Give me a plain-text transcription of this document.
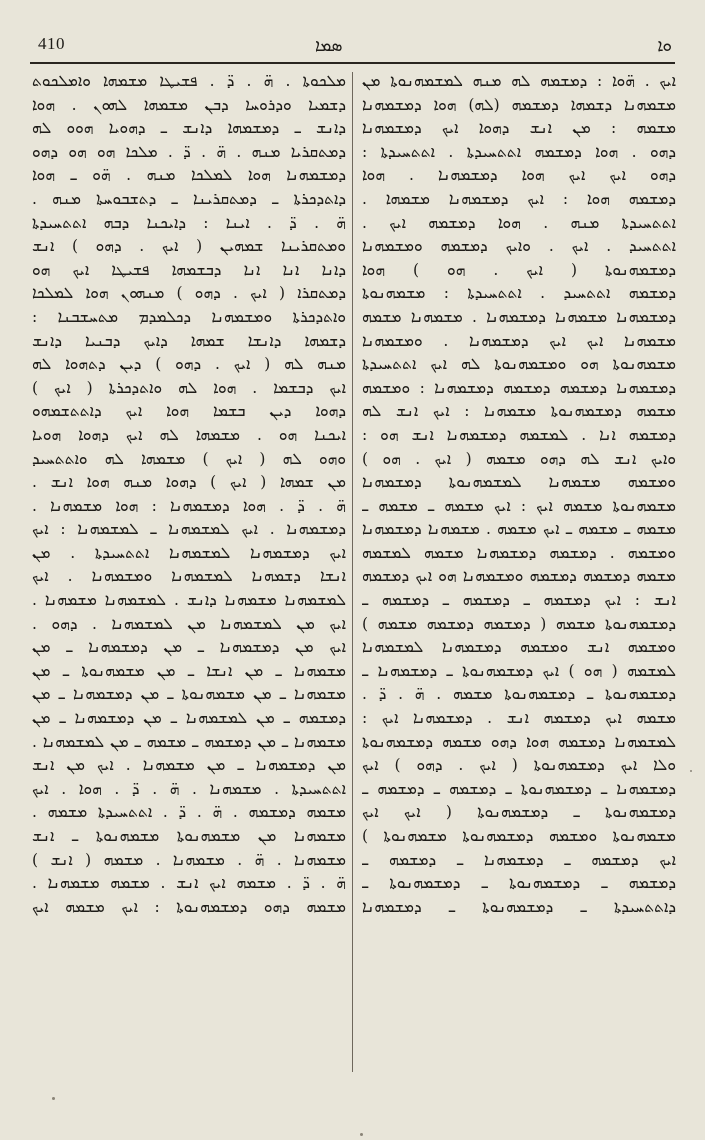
410	ܣܡܐ	ܘܐ
ܡܠܟܘܬܐ . ܗ̈ . ܕ̈ . ܦܫܝܛܐ ܡܫܡܗܐ ܘܐܡܠܟܘܬ
ܕܫܡܝܐ ܘܕܪܘܚܐ ܕܒܢ ܡܫܡܗܐ ܠܗܘܢ . ܗܘܐ
ܕܐܢܫ ـ ܕܡܫܡܗܐ ܕܐܢܫ ـ ܕܗܘܝܐ ܗܘܘ ܠܗ
ܕܡܬܩܪܝܐ ܡܢܗ . ܗ̈ . ܕ̈ . ܡܠܟܐ ܗܘ ܗܘ ܕܗܘ
ܕܡܫܡܗܢܐ ܗܘܐ ܠܡܠܟܐ ܡܢܗ . ܗ̈ܘ ـ ܗܘܐ
ܕܐܬܕܟܪܬܐ ـ ܕܡܬܩܪܝܢܐ ـ ܕܬܫܒܘܚܬܐ ܡܢܗ .
ܗ̈ . ܕ̈ . ܐܝܢܐ : ܕܐܝܟܢܐ ܕܒܗ ܐܬܬܚܝܕܬܐ
ܘܡܬܩܪܝܢܐ ܫܡܗܝܢ ( ܐܝܟ . ܕܗܘ ) ܐܢܫ
ܕܐܢܐ ܐܢܐ ܐܢܐ ܕܒܫܡܗܐ ܦܫܝܛܐ ܐܝܟ ܗܘ
ܕܡܬܩܪܐ ( ܐܝܟ . ܕܗܘ ) ܡܢܗܘܢ ܗܘܐ ܠܡܠܟܐ
ܘܐܬܕܟܪܬܐ ܘܡܫܡܗܢܐ ܕܟܠܡܕܡ ܡܬܚܫܒܢܐ :
ܕܫܡܗܐ ܕܐܢܫܐ ܫܡܗܐ ܕܐܝܟ ܕܒܢܝܐ ܕܐܢܫ
ܡܢܗ ܠܗ ( ܐܝܟ . ܕܗܘ ) ܕܝܢ ܕܬܗܘܐ ܠܗ
ܐܝܟ ܕܒܫܡܐ . ܗܘܐ ܠܗ ܘܐܬܕܟܪܬܐ ( ܐܝܟ )
ܕܗܘܐ ܕܝܢ ܒܫܡܐ ܗܘܐ ܐܝܟ ܕܐܬܬܫܡܗܘ
ܐܝܟܢܐ ܗܘ . ܡܫܡܗܐ ܠܗ ܐܝܟ ܕܗܘܐ ܗܘܝܐ
ܘܗܘ ܠܗ ( ܐܝܟ ) ܡܫܡܗܐ ܠܗ ܘܐܬܬܚܝܕ
ܡܢ ܫܡܗܐ ( ܐܝܟ ) ܕܗܘܐ ܡܢܗ ܗܘܐ ܐܢܫ .
ܗ̈ . ܕ̈ . ܗܘܐ ܕܡܫܡܗܢܐ : ܗܘܐ ܡܫܡܗܢܐ .
ܕܡܫܡܗܢܐ . ܐܝܟ ܠܡܫܡܗܢܐ ـ ܠܡܫܡܗܢܐ : ܐܝܟ
ܐܝܟ ܕܡܫܡܗܢܐ ܠܡܫܡܗܢܐ ܐܬܬܚܝܕܬܐ . ܡܢ
ܐܢܫܐ ܕܫܡܗܢܐ ܠܡܫܡܗܢܐ ܘܡܫܡܗܢܐ . ܐܝܟ
ܠܡܫܡܗܢܐ ܡܫܡܗܢܐ ܕܐܢܫ . ܠܡܫܡܗܢܐ ܡܫܡܗܢܐ .
ܐܝܟ ܡܢ ܠܡܫܡܗܢܐ ܡܢ ܠܡܫܡܗܢܐ . ܕܗܘ .
ܐܝܟ ܡܢ ܕܡܫܡܗܢܐ ـ ܡܢ ܕܡܫܡܗܢܐ ـ ܡܢ
ܡܫܡܗܢܐ ـ ܡܢ ܐܢܫܐ ـ ܡܢ ܡܫܡܗܢܘܬܐ ـ ܡܢ
ܡܫܡܗܢܐ ـ ܡܢ ܡܫܡܗܢܘܬܐ ـ ܡܢ ܕܡܫܡܗܢܐ ـ ܡܢ
ܕܡܫܡܗ ـ ܡܢ ܠܡܫܡܗܢܐ ـ ܡܢ ܕܡܫܡܗܢܐ ـ ܡܢ
ܡܫܡܗܢܐ ـ ܡܢ ܕܡܫܡܗ ـ ܡܫܡܗ ـ ܡܢ ܠܡܫܡܗܢܐ .
ܡܢ ܕܡܫܡܗܢܐ ـ ܡܢ ܡܫܡܗܢܐ . ܐܝܟ ܡܢ ܐܢܫ
ܐܬܬܚܝܕܬܐ . ܡܫܡܗܢܐ . ܗ̈ . ܕ̈ . ܗܘܐ . ܐܝܟ
ܡܫܡܗ ܕܡܫܡܗ . ܗ̈ . ܕ̈ . ܐܬܬܚܝܕܬܐ ܡܫܡܗ .
ܡܫܡܗܢܐ ܡܢ ܡܫܡܗܢܘܬܐ ܡܫܡܗܢܘܬܐ ـ ܐܢܫ
ܡܫܡܗܢܐ . ܗ̈ . ܡܫܡܗܢܐ . ܡܫܡܗ ( ܐܢܫ )
ܗ̈ . ܕ̈ . ܡܫܡܗ ܐܝܟ ܐܢܫ . ܡܫܡܗ ܡܫܡܗܢܐ .
ܡܫܡܗ ܕܗܘ ܕܡܫܡܗܢܘܬܐ : ܐܝܟ ܡܫܡܗ ܐܝܟ
ܐܝܟ . ܗ̈ܘܐ : ܕܡܫܡܗ ܠܗ ܡܢܗ ܠܡܫܡܗܢܘܬܐ ܡܢ
ܡܫܡܗܢܐ ܕܫܡܗܐ ܕܡܫܡܗ (ܠܗ) ܗܘܐ ܕܡܫܡܗܢܐ
ܡܫܡܗ : ܡܢ ܐܢܫ ܕܗܘܐ ܐܝܟ ܕܡܫܡܗܢܐ
ܕܗܘ . ܗܘܐ ܕܡܫܡܗ ܐܬܬܚܝܕܬܐ . ܐܬܬܚܝܕܬܐ :
ܕܗܘ ܐܝܟ ܐܝܟ ܗܘܐ ܕܡܫܡܗܢܐ . ܗܘܐ
ܕܡܫܡܗ ܗܘܐ : ܐܝܟ ܕܡܫܡܗܢܐ ܡܫܡܗܐ .
ܐܬܬܚܝܕܬܐ ܡܢܗ . ܗܘܐ ܕܡܫܡܗ ܐܝܟ .
ܐܬܬܚܝܕ . ܐܝܟ . ܘܐܝܟ ܕܡܫܡܗ ܘܡܫܡܗܢܐ
ܕܡܫܡܗܢܘܬܐ ( ܐܝܟ . ܗܘ ) ܗܘܐ
ܕܡܫܡܗ ܐܬܬܚܝܕ . ܐܬܬܚܝܕܬܐ : ܡܫܡܗܢܘܬܐ
ܕܡܫܡܗܢܐ ܡܫܡܗܢܐ ܕܡܫܡܗܢܐ . ܡܫܡܗܢܐ ܡܫܡܗ
ܡܫܡܗܢܐ ܐܝܟ ܐܝܟ ܕܡܫܡܗܢܐ . ܘܡܫܡܗܢܐ
ܡܫܡܗܢܘܬܐ ܗܘ ܘܡܫܡܗܢܘܬܐ ܠܗ ܐܝܟ ܐܬܬܚܝܕܬܐ
ܕܡܫܡܗܢܐ ܕܡܫܡܗ ܕܡܫܡܗ ܕܡܫܡܗܢܐ : ܘܡܫܡܗ
ܡܫܡܗ ܕܡܫܡܗܢܘܬܐ ܡܫܡܗܢܐ : ܐܝܟ ܐܢܫ ܠܗ
ܕܡܫܡܗ ܐܢܐ . ܠܡܫܡܗ ܕܡܫܡܗܢܐ ܐܢܫ ܗܘ :
ܘܐܝܟ ܐܢܫ ܠܗ ܕܗܘ ܡܫܡܗ ( ܐܝܟ . ܗܘ )
ܘܡܫܡܗ ܡܫܡܗܢܐ ܠܡܫܡܗܢܘܬܐ ܕܡܫܡܗܢܐ
ܡܫܡܗܢܘܬܐ ܡܫܡܗ ܐܝܟ : ܐܝܟ ܡܫܡܗ ـ ܡܫܡܗ ـ
ܡܫܡܗ ـ ܡܫܡܗ ـ ܐܝܟ ܡܫܡܗ . ܡܫܡܗܢܐ ܕܡܫܡܗܢܐ
ܘܡܫܡܗ . ܕܡܫܡܗ ܕܡܫܡܗܢܐ ܡܫܡܗ ܠܡܫܡܗ
ܡܫܡܗ ܕܡܫܡܗ ܕܡܫܡܗ ܘܡܫܡܗܢܐ ܗܘ ܐܝܟ ܕܡܫܡܗ
ܐܢܫ : ܐܝܟ ܕܡܫܡܗ ـ ܕܡܫܡܗ ـ ܕܡܫܡܗ ـ
ܕܡܫܡܗܢܘܬܐ ܡܫܡܗ ( ܕܡܫܡܗ ܕܡܫܡܗ ܡܫܡܗ )
ܘܡܫܡܗ ܐܢܫ ܘܡܫܡܗ ܕܡܫܡܗܢܐ ܠܡܫܡܗܢܐ
ܠܡܫܡܗ ( ܗܘ ) ܐܝܟ ܕܡܫܡܗܢܘܬܐ ـ ܕܡܫܡܗܢܐ ـ
ܕܡܫܡܗܢܘܬܐ ـ ܕܡܫܡܗܢܘܬܐ ܡܫܡܗ . ܗ̈ . ܕ̈ .
ܡܫܡܗ ܐܝܟ ܕܡܫܡܗ ܐܢܫ . ܕܡܫܡܗܢܐ ܐܝܟ :
ܠܡܫܡܗܢܐ ܕܡܫܡܗ ܗܘܐ ܕܗܘ ܡܫܡܗ ܕܡܫܡܗܢܘܬܐ
ܘܠܐ ܐܝܟ ܕܡܫܡܗܢܘܬܐ ( ܐܝܟ . ܕܗܘ ) ܐܝܟ
ܕܡܫܡܗܢܐ ـ ܕܡܫܡܗܢܘܬܐ ـ ܕܡܫܡܗ ـ ܕܡܫܡܗ ـ
ܕܡܫܡܗܢܘܬܐ ـ ܕܡܫܡܗܢܘܬܐ ( ܐܝܟ ܐܝܟ
ܡܫܡܗܢܘܬܐ ܘܡܫܡܗ ܕܡܫܡܗܢܘܬܐ ܡܫܡܗܢܘܬܐ )
ܐܝܟ ܕܡܫܡܗ ـ ܕܡܫܡܗܢܐ ـ ܕܡܫܡܗ ـ
ܕܡܫܡܗ ـ ܕܡܫܡܗܢܘܬܐ ـ ܕܡܫܡܗܢܘܬܐ ـ
ܕܐܬܬܚܝܕܬܐ ـ ܕܡܫܡܗܢܘܬܐ ـ ܕܡܫܡܗܢܐ
